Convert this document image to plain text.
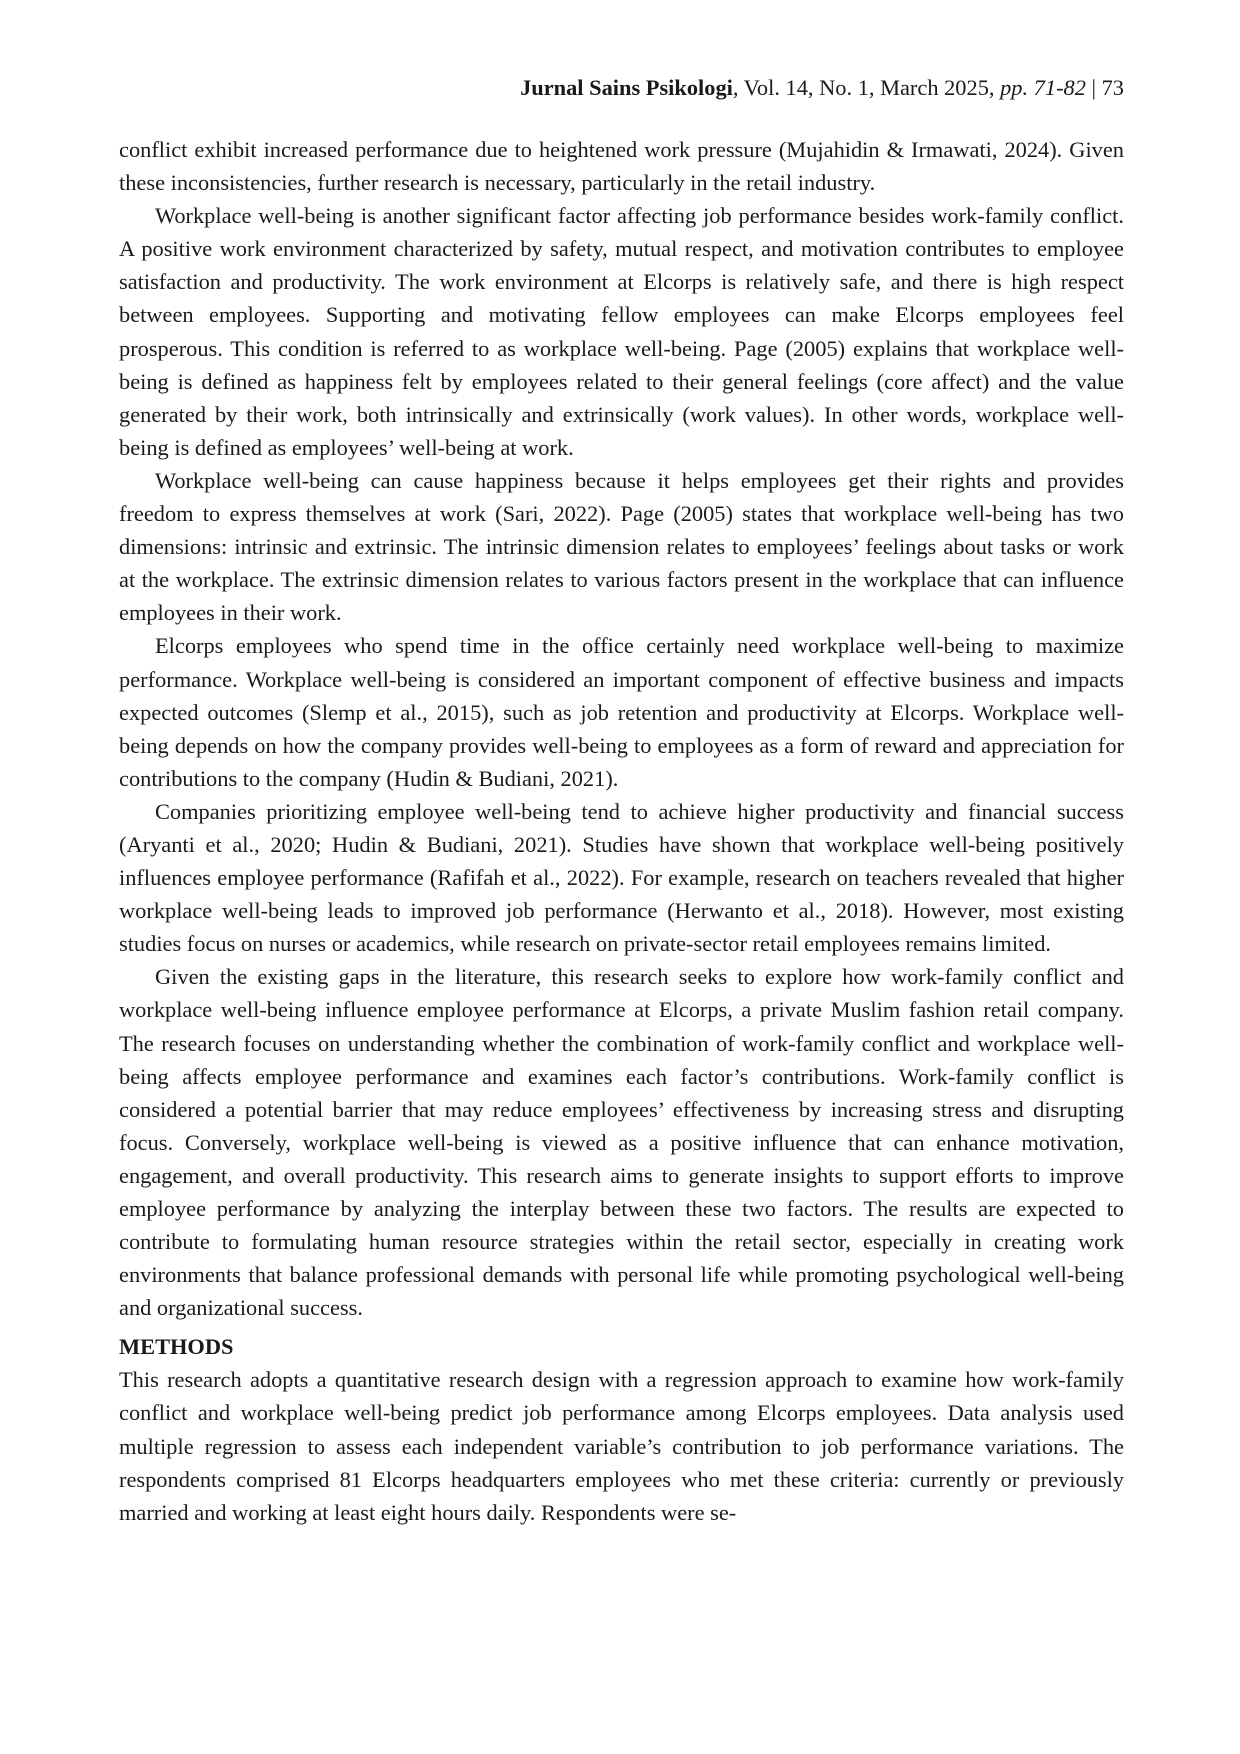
Jurnal Sains Psikologi, Vol. 14, No. 1, March 2025, pp. 71-82 | 73

conflict exhibit increased performance due to heightened work pressure (Mujahidin & Irmawati, 2024). Given these inconsistencies, further research is necessary, particularly in the retail industry.

Workplace well-being is another significant factor affecting job performance besides work-family conflict. A positive work environment characterized by safety, mutual respect, and motivation contributes to employee satisfaction and productivity. The work environment at Elcorps is relatively safe, and there is high respect between employees. Supporting and motivating fellow employees can make Elcorps employees feel prosperous. This condition is referred to as workplace well-being. Page (2005) explains that workplace well-being is defined as happiness felt by employees related to their general feelings (core affect) and the value generated by their work, both intrinsically and extrinsically (work values). In other words, workplace well-being is defined as employees’ well-being at work.

Workplace well-being can cause happiness because it helps employees get their rights and provides freedom to express themselves at work (Sari, 2022). Page (2005) states that workplace well-being has two dimensions: intrinsic and extrinsic. The intrinsic dimension relates to employees’ feelings about tasks or work at the workplace. The extrinsic dimension relates to various factors present in the workplace that can influence employees in their work.

Elcorps employees who spend time in the office certainly need workplace well-being to maximize performance. Workplace well-being is considered an important component of effective business and impacts expected outcomes (Slemp et al., 2015), such as job retention and productivity at Elcorps. Workplace well-being depends on how the company provides well-being to employees as a form of reward and appreciation for contributions to the company (Hudin & Budiani, 2021).

Companies prioritizing employee well-being tend to achieve higher productivity and financial success (Aryanti et al., 2020; Hudin & Budiani, 2021). Studies have shown that workplace well-being positively influences employee performance (Rafifah et al., 2022). For example, research on teachers revealed that higher workplace well-being leads to improved job performance (Herwanto et al., 2018). However, most existing studies focus on nurses or academics, while research on private-sector retail employees remains limited.

Given the existing gaps in the literature, this research seeks to explore how work-family conflict and workplace well-being influence employee performance at Elcorps, a private Muslim fashion retail company. The research focuses on understanding whether the combination of work-family conflict and workplace well-being affects employee performance and examines each factor’s contributions. Work-family conflict is considered a potential barrier that may reduce employees’ effectiveness by increasing stress and disrupting focus. Conversely, workplace well-being is viewed as a positive influence that can enhance motivation, engagement, and overall productivity. This research aims to generate insights to support efforts to improve employee performance by analyzing the interplay between these two factors. The results are expected to contribute to formulating human resource strategies within the retail sector, especially in creating work environments that balance professional demands with personal life while promoting psychological well-being and organizational success.

METHODS

This research adopts a quantitative research design with a regression approach to examine how work-family conflict and workplace well-being predict job performance among Elcorps employees. Data analysis used multiple regression to assess each independent variable’s contribution to job performance variations. The respondents comprised 81 Elcorps headquarters employees who met these criteria: currently or previously married and working at least eight hours daily. Respondents were se-
